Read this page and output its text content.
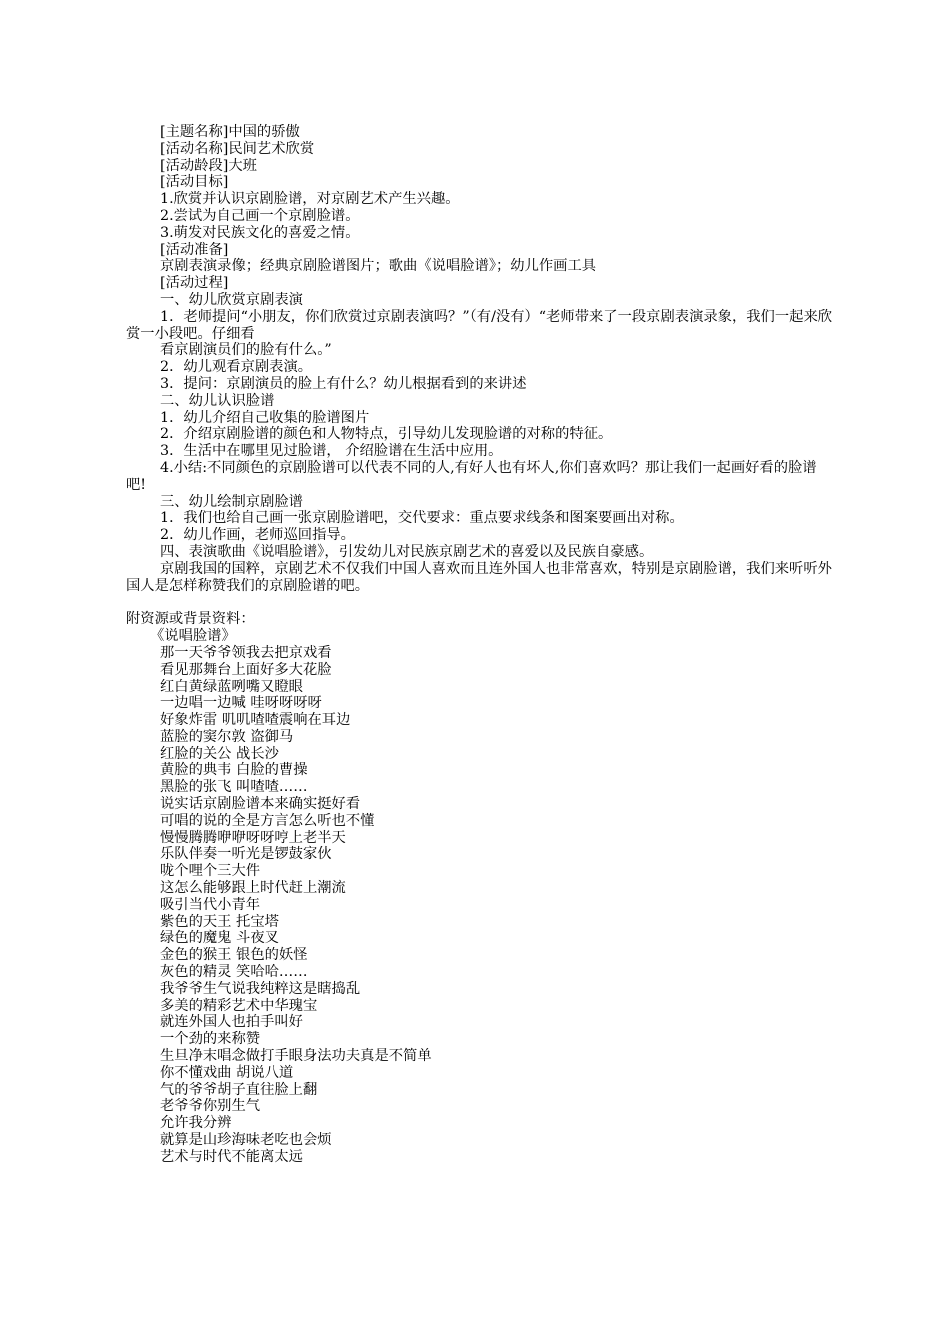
[主题名称]中国的骄傲
[活动名称]民间艺术欣赏
[活动龄段]大班
[活动目标]
1.欣赏并认识京剧脸谱，对京剧艺术产生兴趣。
2.尝试为自己画一个京剧脸谱。
3.萌发对民族文化的喜爱之情。
[活动准备]
京剧表演录像；经典京剧脸谱图片；歌曲《说唱脸谱》；幼儿作画工具
[活动过程]
一、幼儿欣赏京剧表演
1．老师提问“小朋友，你们欣赏过京剧表演吗？”（有/没有）“老师带来了一段京剧表演录象，我们一起来欣赏一小段吧。仔细看
看京剧演员们的脸有什么。”
2．幼儿观看京剧表演。
3．提问：京剧演员的脸上有什么？幼儿根据看到的来讲述
二、幼儿认识脸谱
1．幼儿介绍自己收集的脸谱图片
2．介绍京剧脸谱的颜色和人物特点，引导幼儿发现脸谱的对称的特征。
3．生活中在哪里见过脸谱， 介绍脸谱在生活中应用。
4.小结:不同颜色的京剧脸谱可以代表不同的人,有好人也有坏人,你们喜欢吗？那让我们一起画好看的脸谱吧!
三、幼儿绘制京剧脸谱
1．我们也给自己画一张京剧脸谱吧，交代要求：重点要求线条和图案要画出对称。
2．幼儿作画，老师巡回指导。
四、表演歌曲《说唱脸谱》，引发幼儿对民族京剧艺术的喜爱以及民族自豪感。
京剧我国的国粹，京剧艺术不仅我们中国人喜欢而且连外国人也非常喜欢，特别是京剧脸谱，我们来听听外国人是怎样称赞我们的京剧脸谱的吧。
附资源或背景资料：
《说唱脸谱》
那一天爷爷领我去把京戏看
看见那舞台上面好多大花脸
红白黄绿蓝咧嘴又瞪眼
一边唱一边喊 哇呀呀呀呀
好象炸雷 叽叽喳喳震响在耳边
蓝脸的窦尔敦 盗御马
红脸的关公 战长沙
黄脸的典韦 白脸的曹操
黑脸的张飞 叫喳喳……
说实话京剧脸谱本来确实挺好看
可唱的说的全是方言怎么听也不懂
慢慢腾腾咿咿呀呀哼上老半天
乐队伴奏一听光是锣鼓家伙
咙个哩个三大件
这怎么能够跟上时代赶上潮流
吸引当代小青年
紫色的天王 托宝塔
绿色的魔鬼 斗夜叉
金色的猴王 银色的妖怪
灰色的精灵 笑哈哈……
我爷爷生气说我纯粹这是瞎捣乱
多美的精彩艺术中华瑰宝
就连外国人也拍手叫好
一个劲的来称赞
生旦净末唱念做打手眼身法功夫真是不简单
你不懂戏曲 胡说八道
气的爷爷胡子直往脸上翻
老爷爷你别生气
允许我分辨
就算是山珍海味老吃也会烦
艺术与时代不能离太远
